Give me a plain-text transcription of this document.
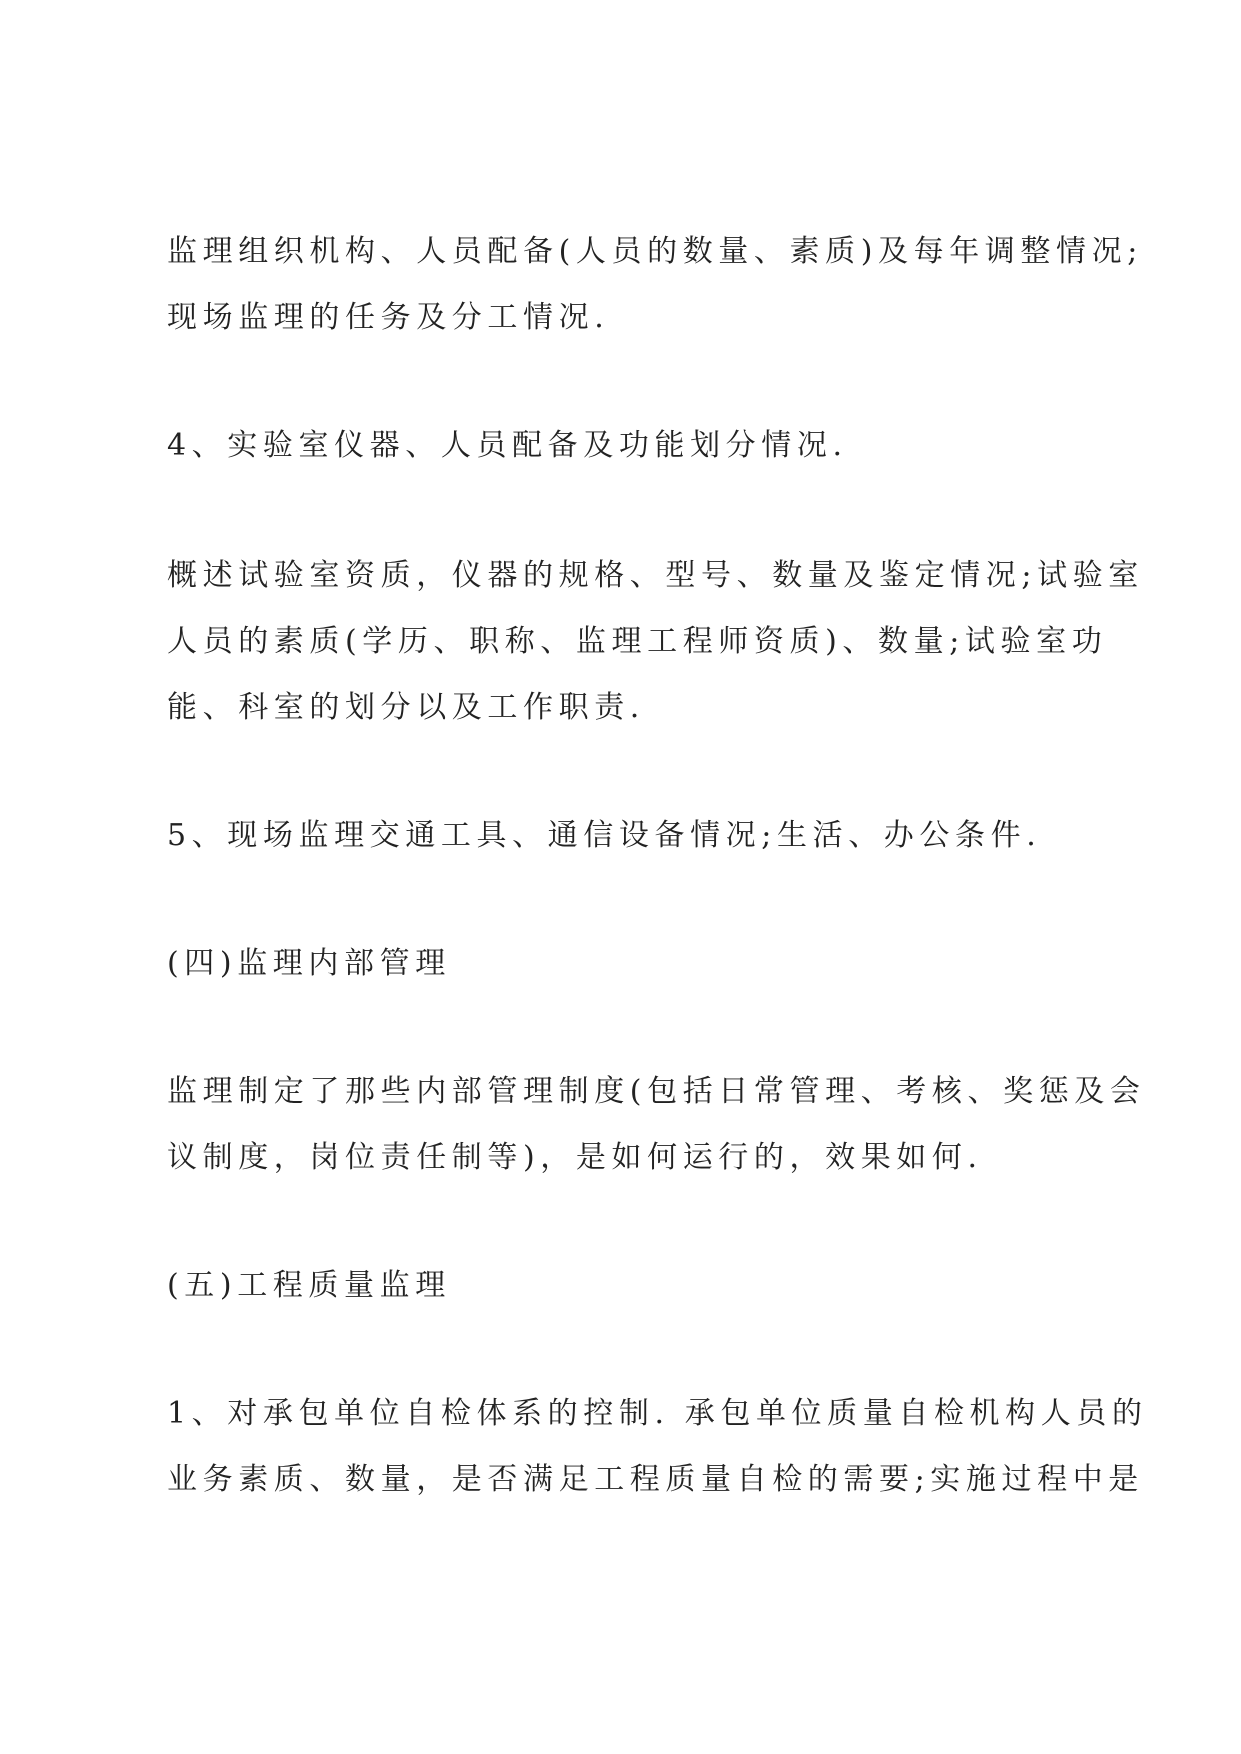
监理组织机构、人员配备(人员的数量、素质)及每年调整情况;
现场监理的任务及分工情况.
4、实验室仪器、人员配备及功能划分情况.
概述试验室资质，仪器的规格、型号、数量及鉴定情况;试验室
人员的素质(学历、职称、监理工程师资质)、数量;试验室功
能、科室的划分以及工作职责.
5、现场监理交通工具、通信设备情况;生活、办公条件.
(四)监理内部管理
监理制定了那些内部管理制度(包括日常管理、考核、奖惩及会
议制度，岗位责任制等)，是如何运行的，效果如何.
(五)工程质量监理
1、对承包单位自检体系的控制. 承包单位质量自检机构人员的
业务素质、数量，是否满足工程质量自检的需要;实施过程中是
